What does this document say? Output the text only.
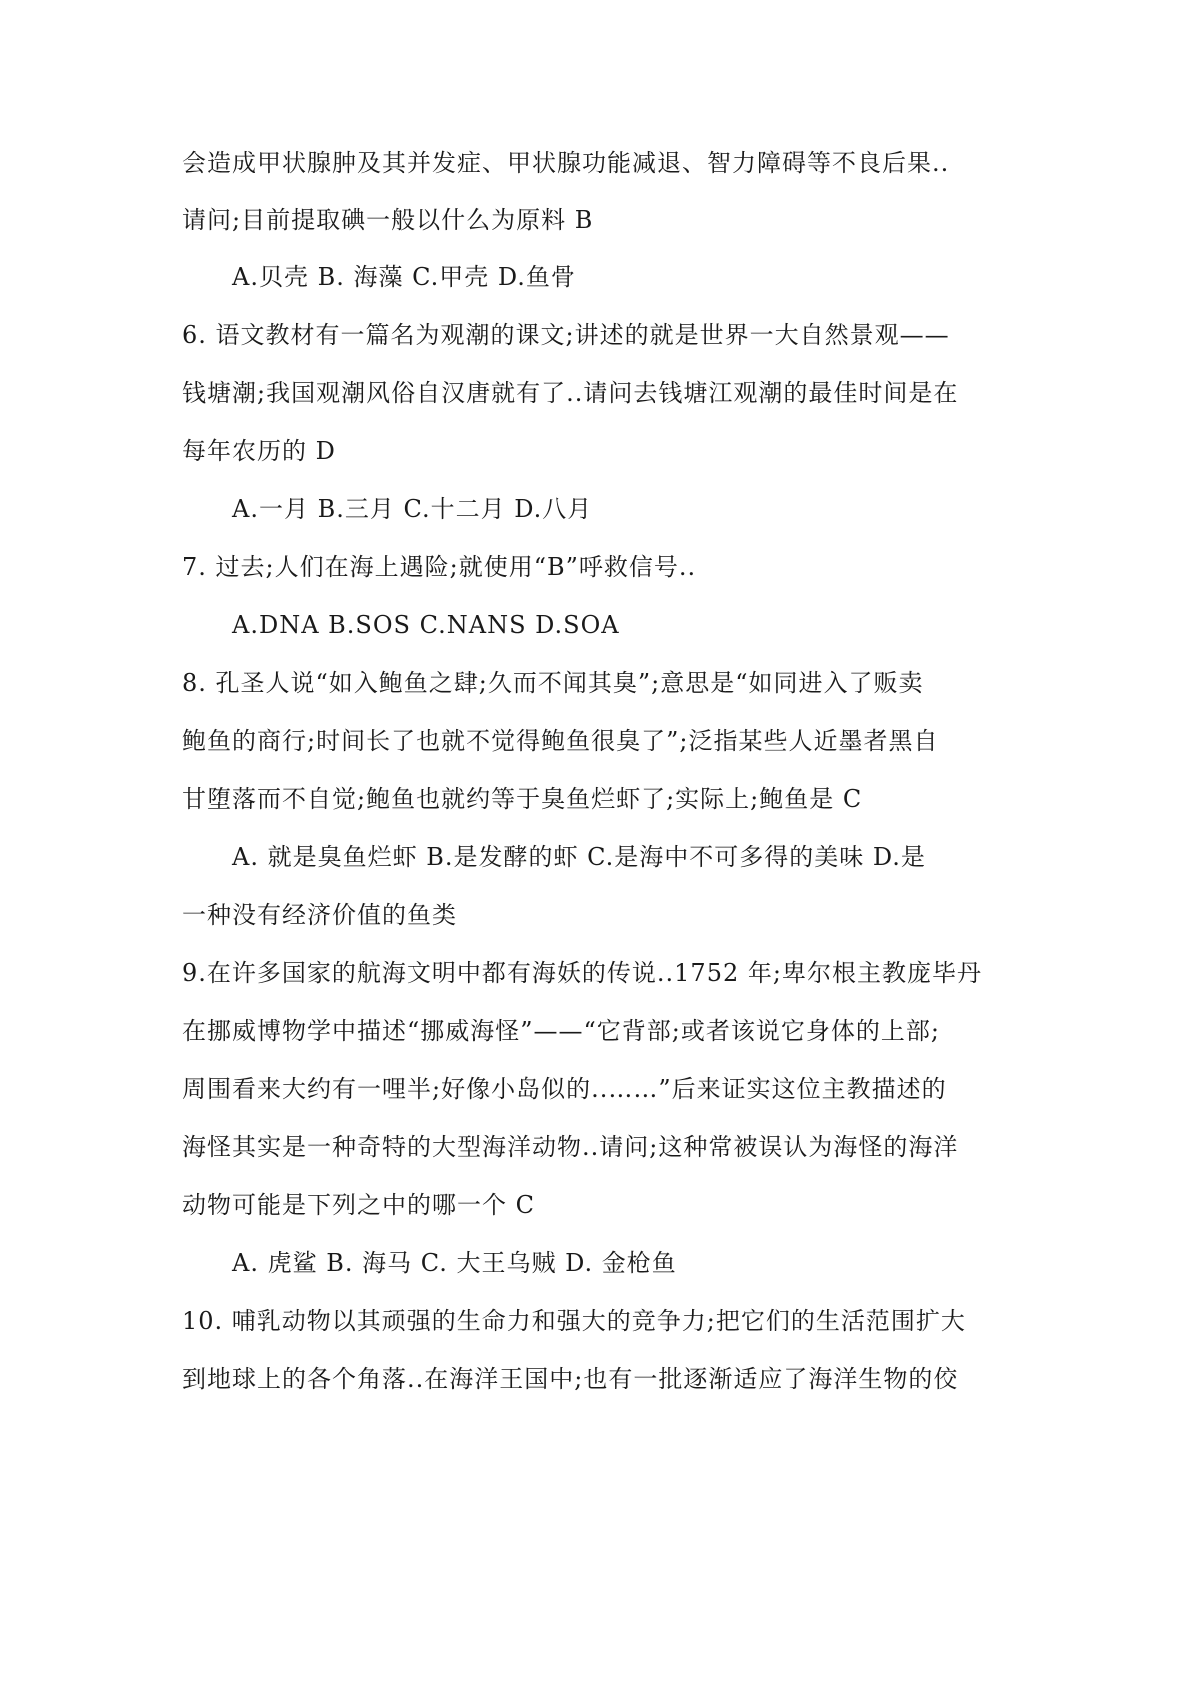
会造成甲状腺肿及其并发症、甲状腺功能减退、智力障碍等不良后果..
请问;目前提取碘一般以什么为原料 B
A.贝壳 B. 海藻 C.甲壳 D.鱼骨
6. 语文教材有一篇名为观潮的课文;讲述的就是世界一大自然景观——
钱塘潮;我国观潮风俗自汉唐就有了..请问去钱塘江观潮的最佳时间是在
每年农历的 D
A.一月 B.三月 C.十二月 D.八月
7. 过去;人们在海上遇险;就使用“B”呼救信号..
A.DNA B.SOS C.NANS D.SOA
8. 孔圣人说“如入鲍鱼之肆;久而不闻其臭”;意思是“如同进入了贩卖
鲍鱼的商行;时间长了也就不觉得鲍鱼很臭了”;泛指某些人近墨者黑自
甘堕落而不自觉;鲍鱼也就约等于臭鱼烂虾了;实际上;鲍鱼是 C
A. 就是臭鱼烂虾 B.是发酵的虾 C.是海中不可多得的美味 D.是
一种没有经济价值的鱼类
9.在许多国家的航海文明中都有海妖的传说..1752 年;卑尔根主教庞毕丹
在挪威博物学中描述“挪威海怪”——“它背部;或者该说它身体的上部;
周围看来大约有一哩半;好像小岛似的..……”后来证实这位主教描述的
海怪其实是一种奇特的大型海洋动物..请问;这种常被误认为海怪的海洋
动物可能是下列之中的哪一个 C
A. 虎鲨 B. 海马 C. 大王乌贼 D. 金枪鱼
10. 哺乳动物以其顽强的生命力和强大的竞争力;把它们的生活范围扩大
到地球上的各个角落..在海洋王国中;也有一批逐渐适应了海洋生物的佼
